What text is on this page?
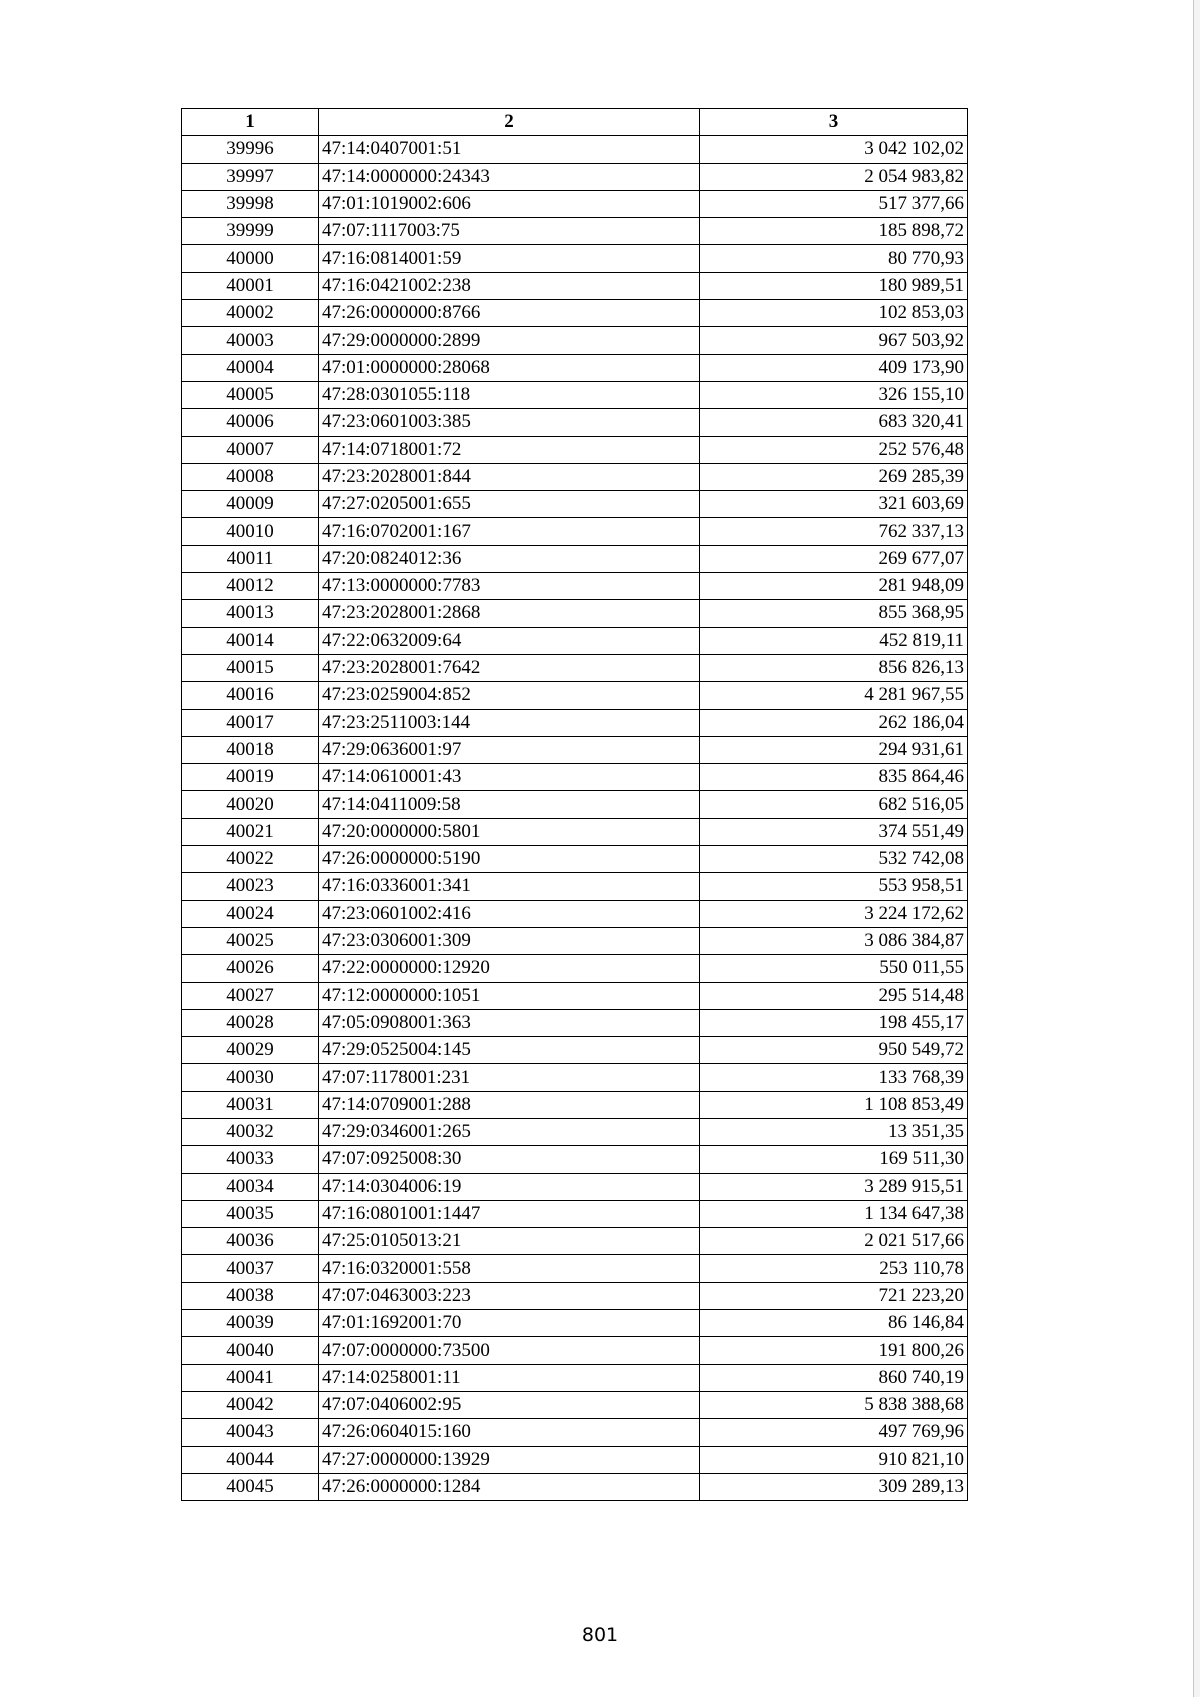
1	2	3
39996	47:14:0407001:51	3 042 102,02
39997	47:14:0000000:24343	2 054 983,82
39998	47:01:1019002:606	517 377,66
39999	47:07:1117003:75	185 898,72
40000	47:16:0814001:59	80 770,93
40001	47:16:0421002:238	180 989,51
40002	47:26:0000000:8766	102 853,03
40003	47:29:0000000:2899	967 503,92
40004	47:01:0000000:28068	409 173,90
40005	47:28:0301055:118	326 155,10
40006	47:23:0601003:385	683 320,41
40007	47:14:0718001:72	252 576,48
40008	47:23:2028001:844	269 285,39
40009	47:27:0205001:655	321 603,69
40010	47:16:0702001:167	762 337,13
40011	47:20:0824012:36	269 677,07
40012	47:13:0000000:7783	281 948,09
40013	47:23:2028001:2868	855 368,95
40014	47:22:0632009:64	452 819,11
40015	47:23:2028001:7642	856 826,13
40016	47:23:0259004:852	4 281 967,55
40017	47:23:2511003:144	262 186,04
40018	47:29:0636001:97	294 931,61
40019	47:14:0610001:43	835 864,46
40020	47:14:0411009:58	682 516,05
40021	47:20:0000000:5801	374 551,49
40022	47:26:0000000:5190	532 742,08
40023	47:16:0336001:341	553 958,51
40024	47:23:0601002:416	3 224 172,62
40025	47:23:0306001:309	3 086 384,87
40026	47:22:0000000:12920	550 011,55
40027	47:12:0000000:1051	295 514,48
40028	47:05:0908001:363	198 455,17
40029	47:29:0525004:145	950 549,72
40030	47:07:1178001:231	133 768,39
40031	47:14:0709001:288	1 108 853,49
40032	47:29:0346001:265	13 351,35
40033	47:07:0925008:30	169 511,30
40034	47:14:0304006:19	3 289 915,51
40035	47:16:0801001:1447	1 134 647,38
40036	47:25:0105013:21	2 021 517,66
40037	47:16:0320001:558	253 110,78
40038	47:07:0463003:223	721 223,20
40039	47:01:1692001:70	86 146,84
40040	47:07:0000000:73500	191 800,26
40041	47:14:0258001:11	860 740,19
40042	47:07:0406002:95	5 838 388,68
40043	47:26:0604015:160	497 769,96
40044	47:27:0000000:13929	910 821,10
40045	47:26:0000000:1284	309 289,13
801
